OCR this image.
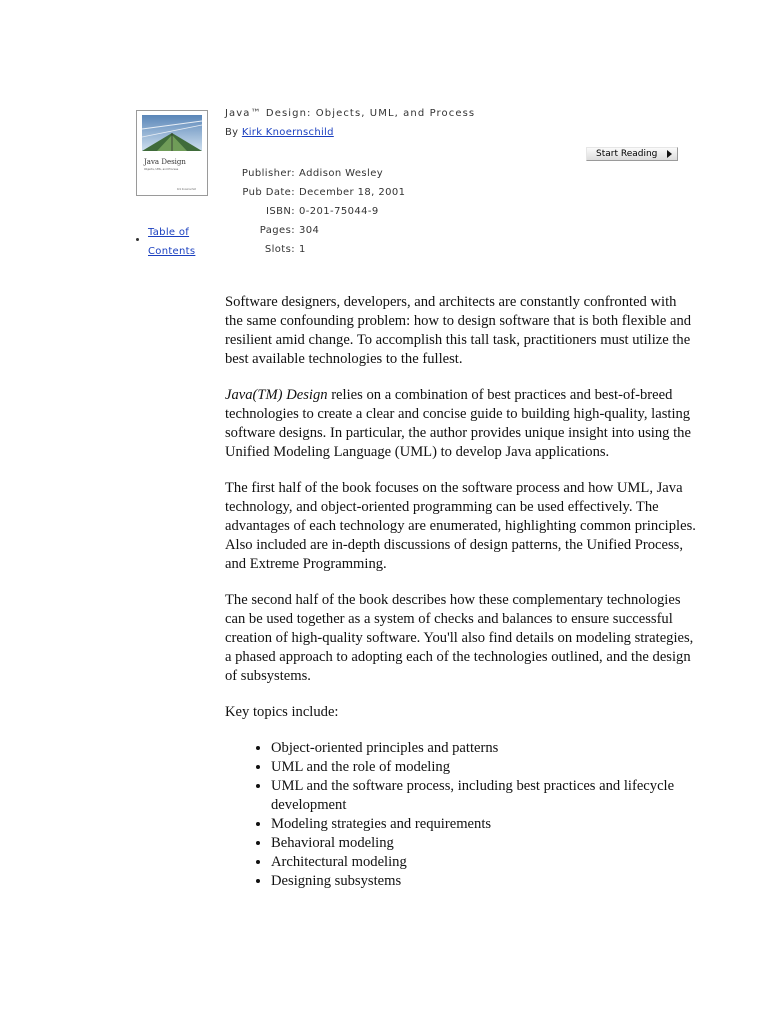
Java Design
Objects, UML, and Process
Kirk Knoernschild
Table of
Contents
Java™ Design: Objects, UML, and Process
By Kirk Knoernschild
Start Reading
Publisher: Addison Wesley
Pub Date: December 18, 2001
ISBN: 0-201-75044-9
Pages: 304
Slots: 1

Software designers, developers, and architects are constantly confronted with the same confounding problem: how to design software that is both flexible and resilient amid change. To accomplish this tall task, practitioners must utilize the best available technologies to the fullest.

Java(TM) Design relies on a combination of best practices and best-of-breed technologies to create a clear and concise guide to building high-quality, lasting software designs. In particular, the author provides unique insight into using the Unified Modeling Language (UML) to develop Java applications.

The first half of the book focuses on the software process and how UML, Java technology, and object-oriented programming can be used effectively. The advantages of each technology are enumerated, highlighting common principles. Also included are in-depth discussions of design patterns, the Unified Process, and Extreme Programming.

The second half of the book describes how these complementary technologies can be used together as a system of checks and balances to ensure successful creation of high-quality software. You'll also find details on modeling strategies, a phased approach to adopting each of the technologies outlined, and the design of subsystems.

Key topics include:

• Object-oriented principles and patterns
• UML and the role of modeling
• UML and the software process, including best practices and lifecycle development
• Modeling strategies and requirements
• Behavioral modeling
• Architectural modeling
• Designing subsystems
